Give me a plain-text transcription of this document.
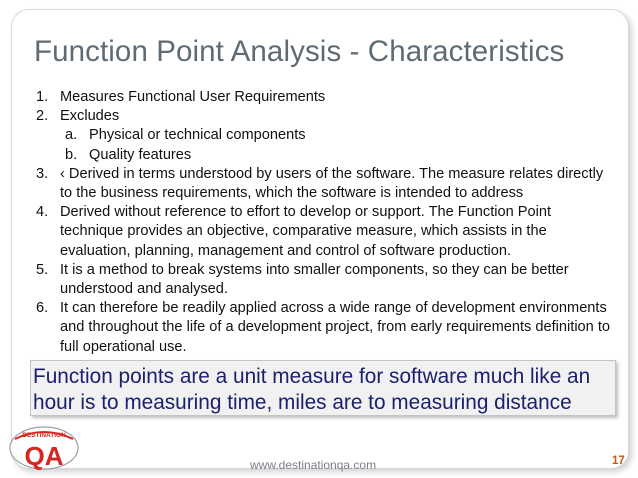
Function Point Analysis - Characteristics
1. Measures Functional User Requirements
2. Excludes
a. Physical or technical components
b. Quality features
3. ‹ Derived in terms understood by users of the software. The measure relates directly to the business requirements, which the software is intended to address
4. Derived without reference to effort to develop or support. The Function Point technique provides an objective, comparative measure, which assists in the evaluation, planning, management and control of software production.
5. It is a method to break systems into smaller components, so they can be better understood and analysed.
6. It can therefore be readily applied across a wide range of development environments and throughout the life of a development project, from early requirements definition to full operational use.
Function points are a unit measure for software much like an
hour is to measuring time, miles are to measuring distance
DESTINATION
QA	www.destinationqa.com	17
